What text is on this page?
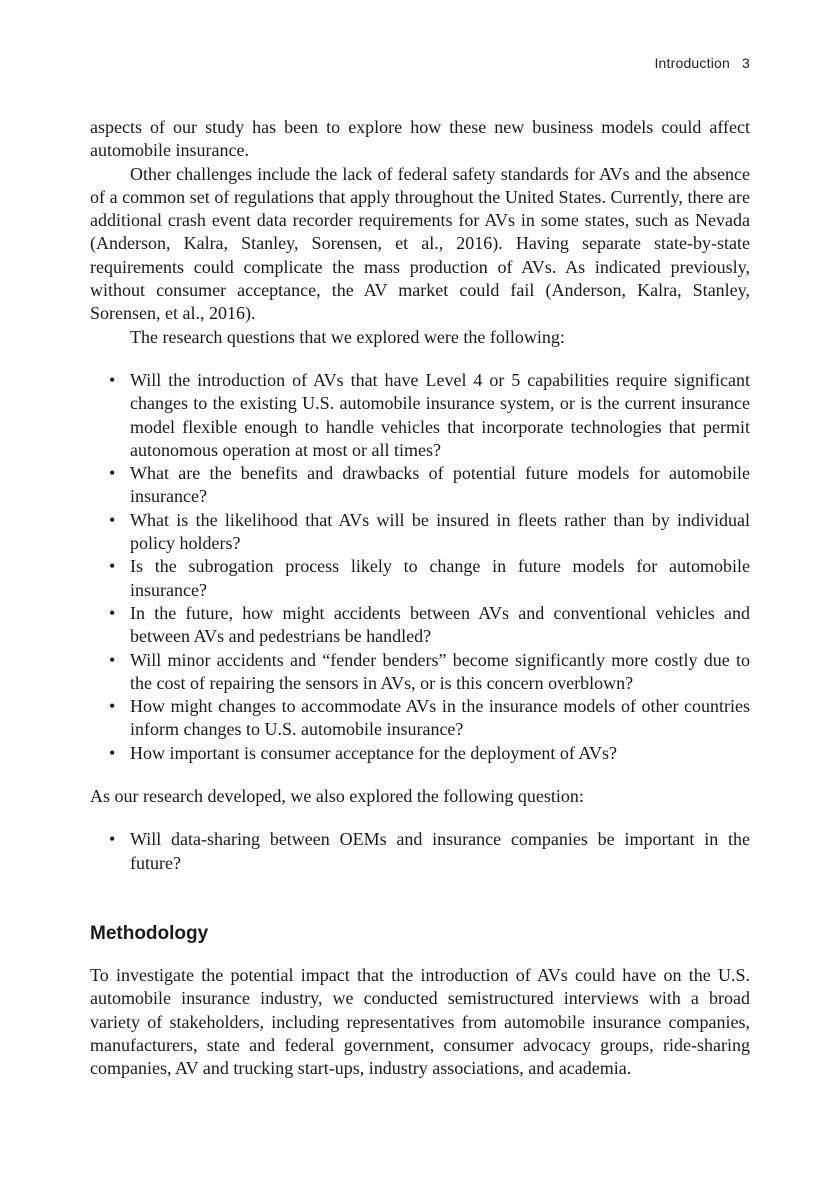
Introduction 3

aspects of our study has been to explore how these new business models could affect automobile insurance.

Other challenges include the lack of federal safety standards for AVs and the absence of a common set of regulations that apply throughout the United States. Currently, there are additional crash event data recorder requirements for AVs in some states, such as Nevada (Anderson, Kalra, Stanley, Sorensen, et al., 2016). Having separate state-by-state requirements could complicate the mass production of AVs. As indicated previously, without consumer acceptance, the AV market could fail (Anderson, Kalra, Stanley, Sorensen, et al., 2016).

The research questions that we explored were the following:

• Will the introduction of AVs that have Level 4 or 5 capabilities require significant changes to the existing U.S. automobile insurance system, or is the current insurance model flexible enough to handle vehicles that incorporate technologies that permit autonomous operation at most or all times?
• What are the benefits and drawbacks of potential future models for automobile insurance?
• What is the likelihood that AVs will be insured in fleets rather than by individual policy holders?
• Is the subrogation process likely to change in future models for automobile insurance?
• In the future, how might accidents between AVs and conventional vehicles and between AVs and pedestrians be handled?
• Will minor accidents and “fender benders” become significantly more costly due to the cost of repairing the sensors in AVs, or is this concern overblown?
• How might changes to accommodate AVs in the insurance models of other countries inform changes to U.S. automobile insurance?
• How important is consumer acceptance for the deployment of AVs?

As our research developed, we also explored the following question:

• Will data-sharing between OEMs and insurance companies be important in the future?
Methodology

To investigate the potential impact that the introduction of AVs could have on the U.S. automobile insurance industry, we conducted semistructured interviews with a broad variety of stakeholders, including representatives from automobile insurance companies, manufacturers, state and federal government, consumer advocacy groups, ride-sharing companies, AV and trucking start-ups, industry associations, and academia.
